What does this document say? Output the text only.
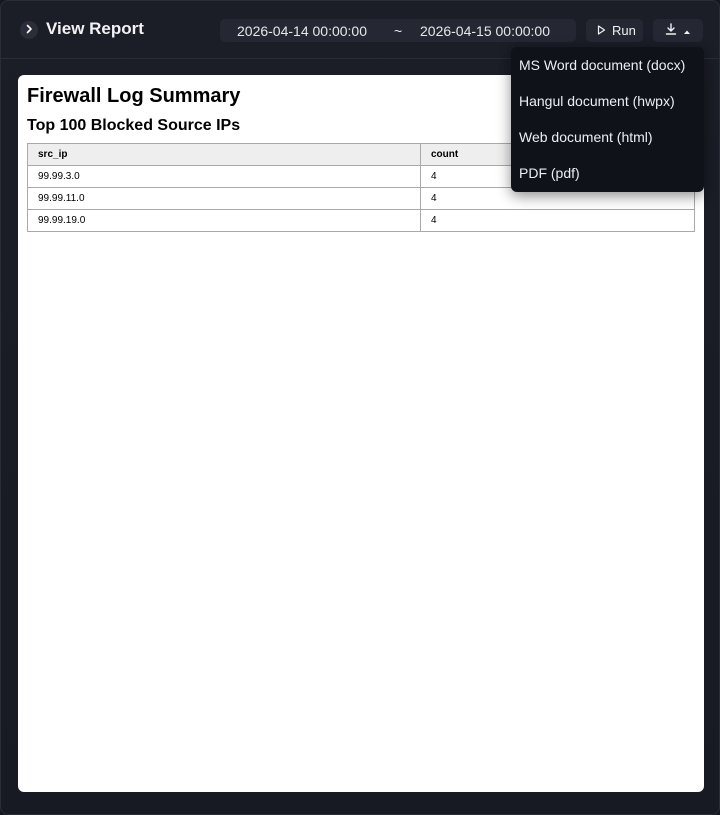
View Report	2026-04-14 00:00:00 ~ 2026-04-15 00:00:00	Run
Firewall Log Summary
Top 100 Blocked Source IPs
src_ip	count
99.99.3.0	4
99.99.11.0	4
99.99.19.0	4
MS Word document (docx)
Hangul document (hwpx)
Web document (html)
PDF (pdf)
